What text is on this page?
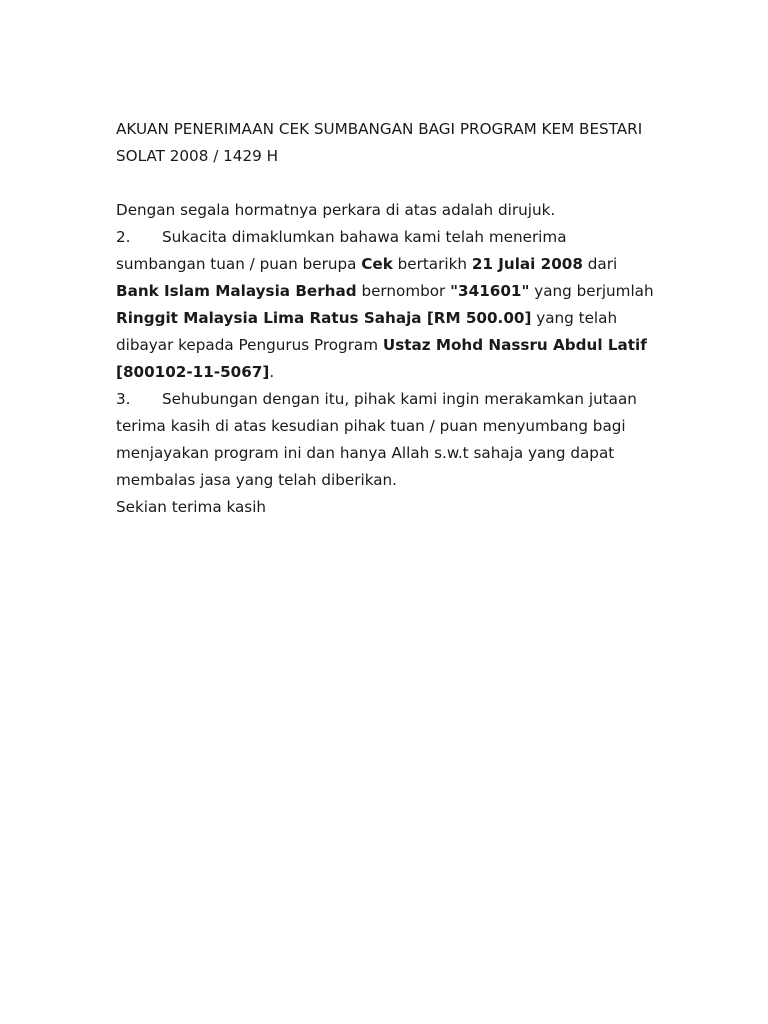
AKUAN PENERIMAAN CEK SUMBANGAN BAGI PROGRAM KEM BESTARI SOLAT 2008 / 1429 H

Dengan segala hormatnya perkara di atas adalah dirujuk.

2. Sukacita dimaklumkan bahawa kami telah menerima sumbangan tuan / puan berupa Cek bertarikh 21 Julai 2008 dari Bank Islam Malaysia Berhad bernombor "341601" yang berjumlah Ringgit Malaysia Lima Ratus Sahaja [RM 500.00] yang telah dibayar kepada Pengurus Program Ustaz Mohd Nassru Abdul Latif [800102-11-5067].

3. Sehubungan dengan itu, pihak kami ingin merakamkan jutaan terima kasih di atas kesudian pihak tuan / puan menyumbang bagi menjayakan program ini dan hanya Allah s.w.t sahaja yang dapat membalas jasa yang telah diberikan.

Sekian terima kasih
